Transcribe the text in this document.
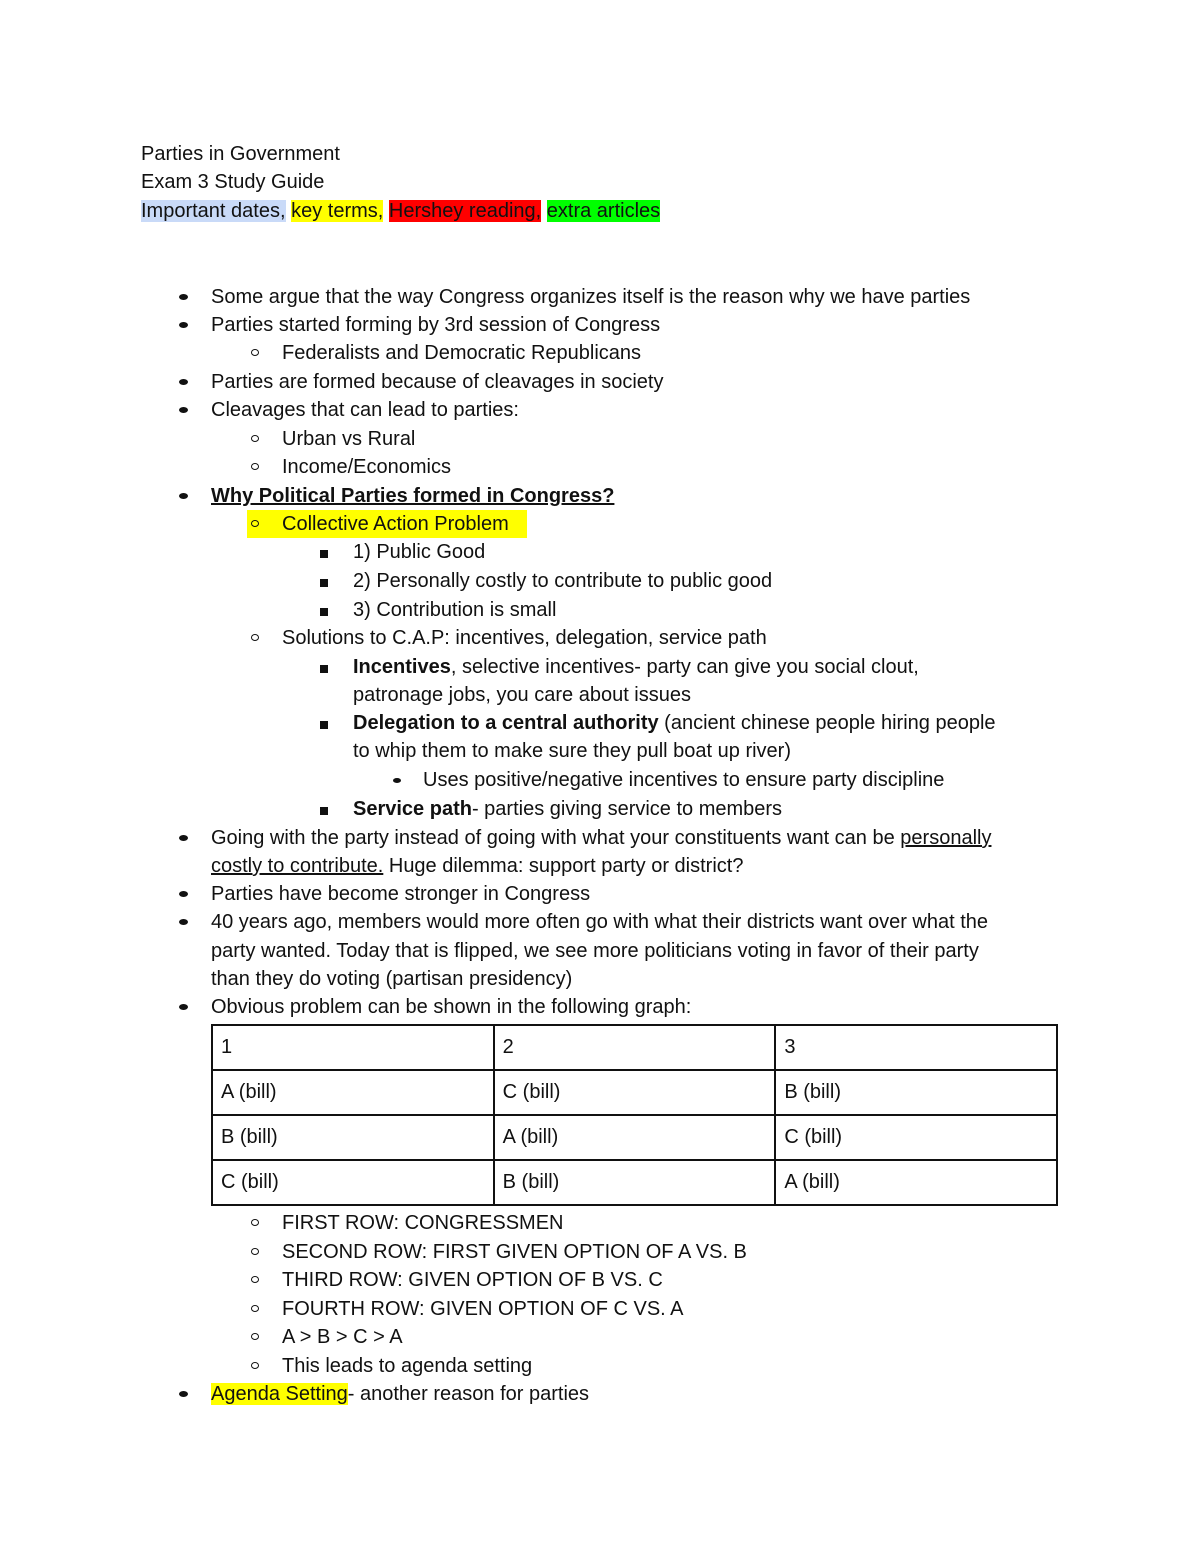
Parties in Government
Exam 3 Study Guide
Important dates, key terms, Hershey reading, extra articles
Some argue that the way Congress organizes itself is the reason why we have parties
Parties started forming by 3rd session of Congress
Federalists and Democratic Republicans
Parties are formed because of cleavages in society
Cleavages that can lead to parties:
Urban vs Rural
Income/Economics
Why Political Parties formed in Congress?
Collective Action Problem
1) Public Good
2) Personally costly to contribute to public good
3) Contribution is small
Solutions to C.A.P: incentives, delegation, service path
Incentives, selective incentives- party can give you social clout,
patronage jobs, you care about issues
Delegation to a central authority (ancient chinese people hiring people
to whip them to make sure they pull boat up river)
Uses positive/negative incentives to ensure party discipline
Service path- parties giving service to members
Going with the party instead of going with what your constituents want can be personally
costly to contribute. Huge dilemma: support party or district?
Parties have become stronger in Congress
40 years ago, members would more often go with what their districts want over what the
party wanted. Today that is flipped, we see more politicians voting in favor of their party
than they do voting (partisan presidency)
Obvious problem can be shown in the following graph:
1	2	3
A (bill)	C (bill)	B (bill)
B (bill)	A (bill)	C (bill)
C (bill)	B (bill)	A (bill)
FIRST ROW: CONGRESSMEN
SECOND ROW: FIRST GIVEN OPTION OF A VS. B
THIRD ROW: GIVEN OPTION OF B VS. C
FOURTH ROW: GIVEN OPTION OF C VS. A
A > B > C > A
This leads to agenda setting
Agenda Setting- another reason for parties
